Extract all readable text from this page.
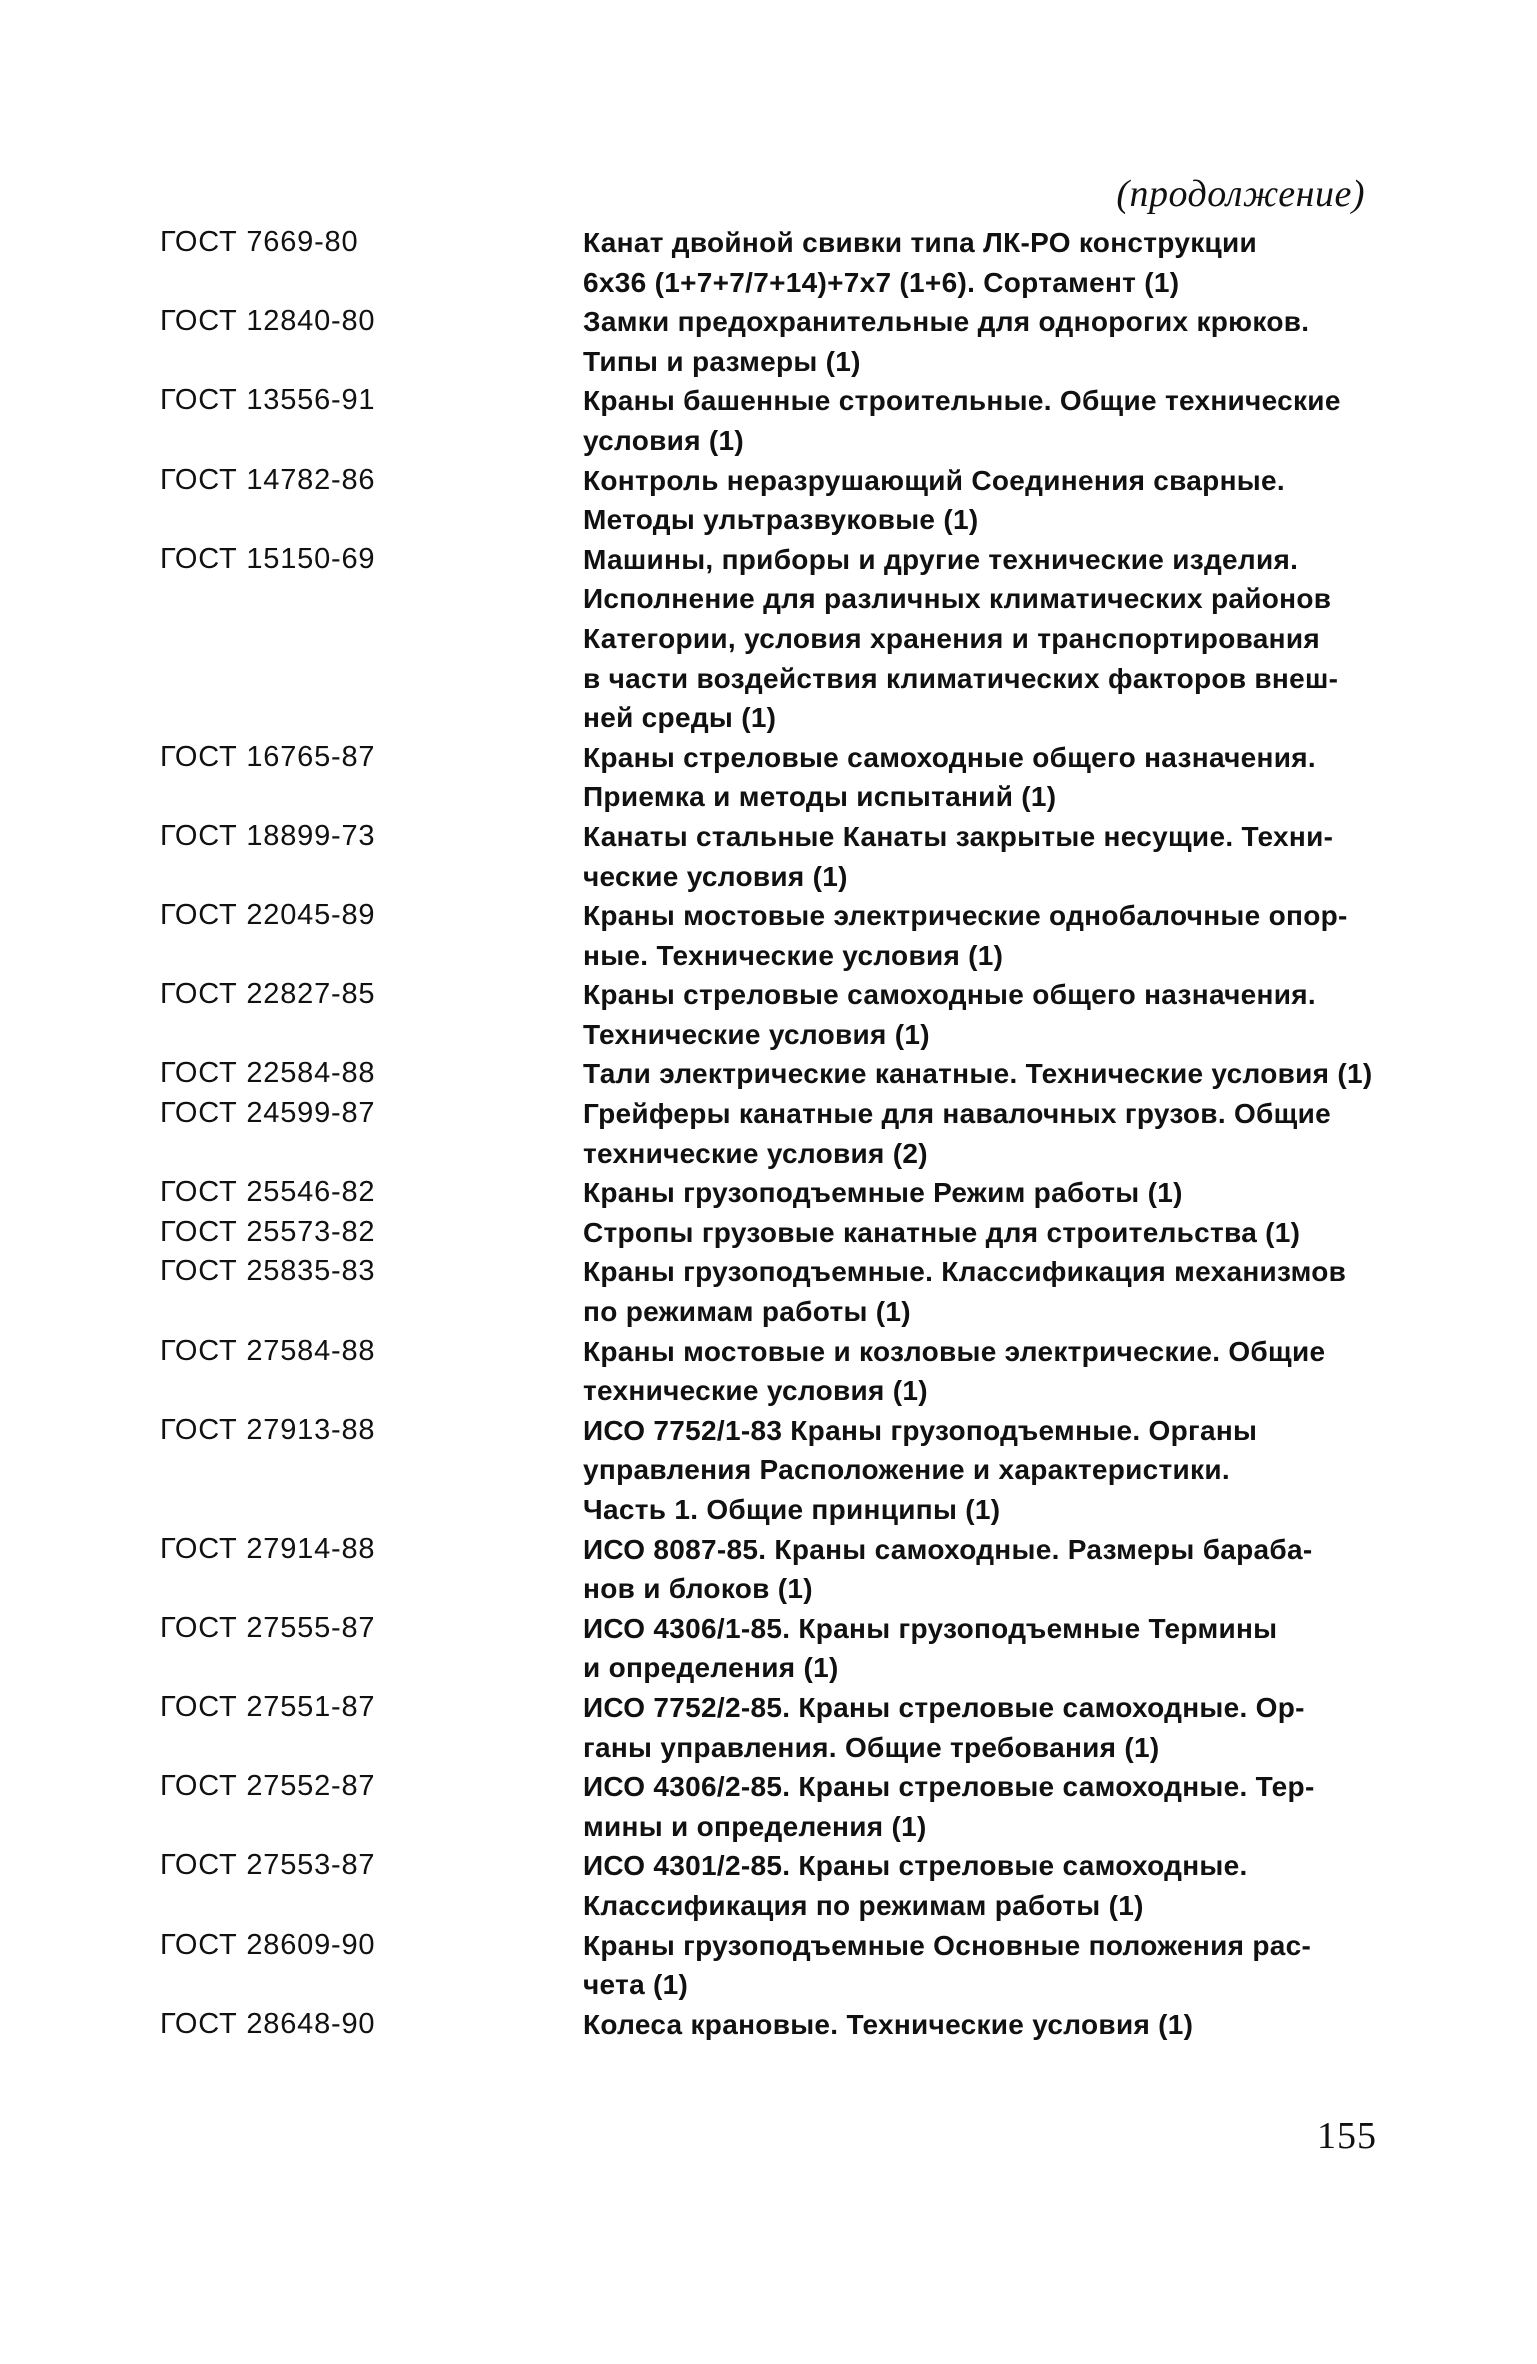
(продолжение)
ГОСТ 7669-80	Канат двойной свивки типа ЛК-РО конструкции
6x36 (1+7+7/7+14)+7x7 (1+6). Сортамент (1)
ГОСТ 12840-80	Замки предохранительные для однорогих крюков.
Типы и размеры (1)
ГОСТ 13556-91	Краны башенные строительные. Общие технические
условия (1)
ГОСТ 14782-86	Контроль неразрушающий Соединения сварные.
Методы ультразвуковые (1)
ГОСТ 15150-69	Машины, приборы и другие технические изделия.
Исполнение для различных климатических районов
Категории, условия хранения и транспортирования
в части воздействия климатических факторов внеш-
ней среды (1)
ГОСТ 16765-87	Краны стреловые самоходные общего назначения.
Приемка и методы испытаний (1)
ГОСТ 18899-73	Канаты стальные Канаты закрытые несущие. Техни-
ческие условия (1)
ГОСТ 22045-89	Краны мостовые электрические однобалочные опор-
ные. Технические условия (1)
ГОСТ 22827-85	Краны стреловые самоходные общего назначения.
Технические условия (1)
ГОСТ 22584-88	Тали электрические канатные. Технические условия (1)
ГОСТ 24599-87	Грейферы канатные для навалочных грузов. Общие
технические условия (2)
ГОСТ 25546-82	Краны грузоподъемные Режим работы (1)
ГОСТ 25573-82	Стропы грузовые канатные для строительства (1)
ГОСТ 25835-83	Краны грузоподъемные. Классификация механизмов
по режимам работы (1)
ГОСТ 27584-88	Краны мостовые и козловые электрические. Общие
технические условия (1)
ГОСТ 27913-88	ИСО 7752/1-83 Краны грузоподъемные. Органы
управления Расположение и характеристики.
Часть 1. Общие принципы (1)
ГОСТ 27914-88	ИСО 8087-85. Краны самоходные. Размеры бараба-
нов и блоков (1)
ГОСТ 27555-87	ИСО 4306/1-85. Краны грузоподъемные Термины
и определения (1)
ГОСТ 27551-87	ИСО 7752/2-85. Краны стреловые самоходные. Ор-
ганы управления. Общие требования (1)
ГОСТ 27552-87	ИСО 4306/2-85. Краны стреловые самоходные. Тер-
мины и определения (1)
ГОСТ 27553-87	ИСО 4301/2-85. Краны стреловые самоходные.
Классификация по режимам работы (1)
ГОСТ 28609-90	Краны грузоподъемные Основные положения рас-
чета (1)
ГОСТ 28648-90	Колеса крановые. Технические условия (1)
155
